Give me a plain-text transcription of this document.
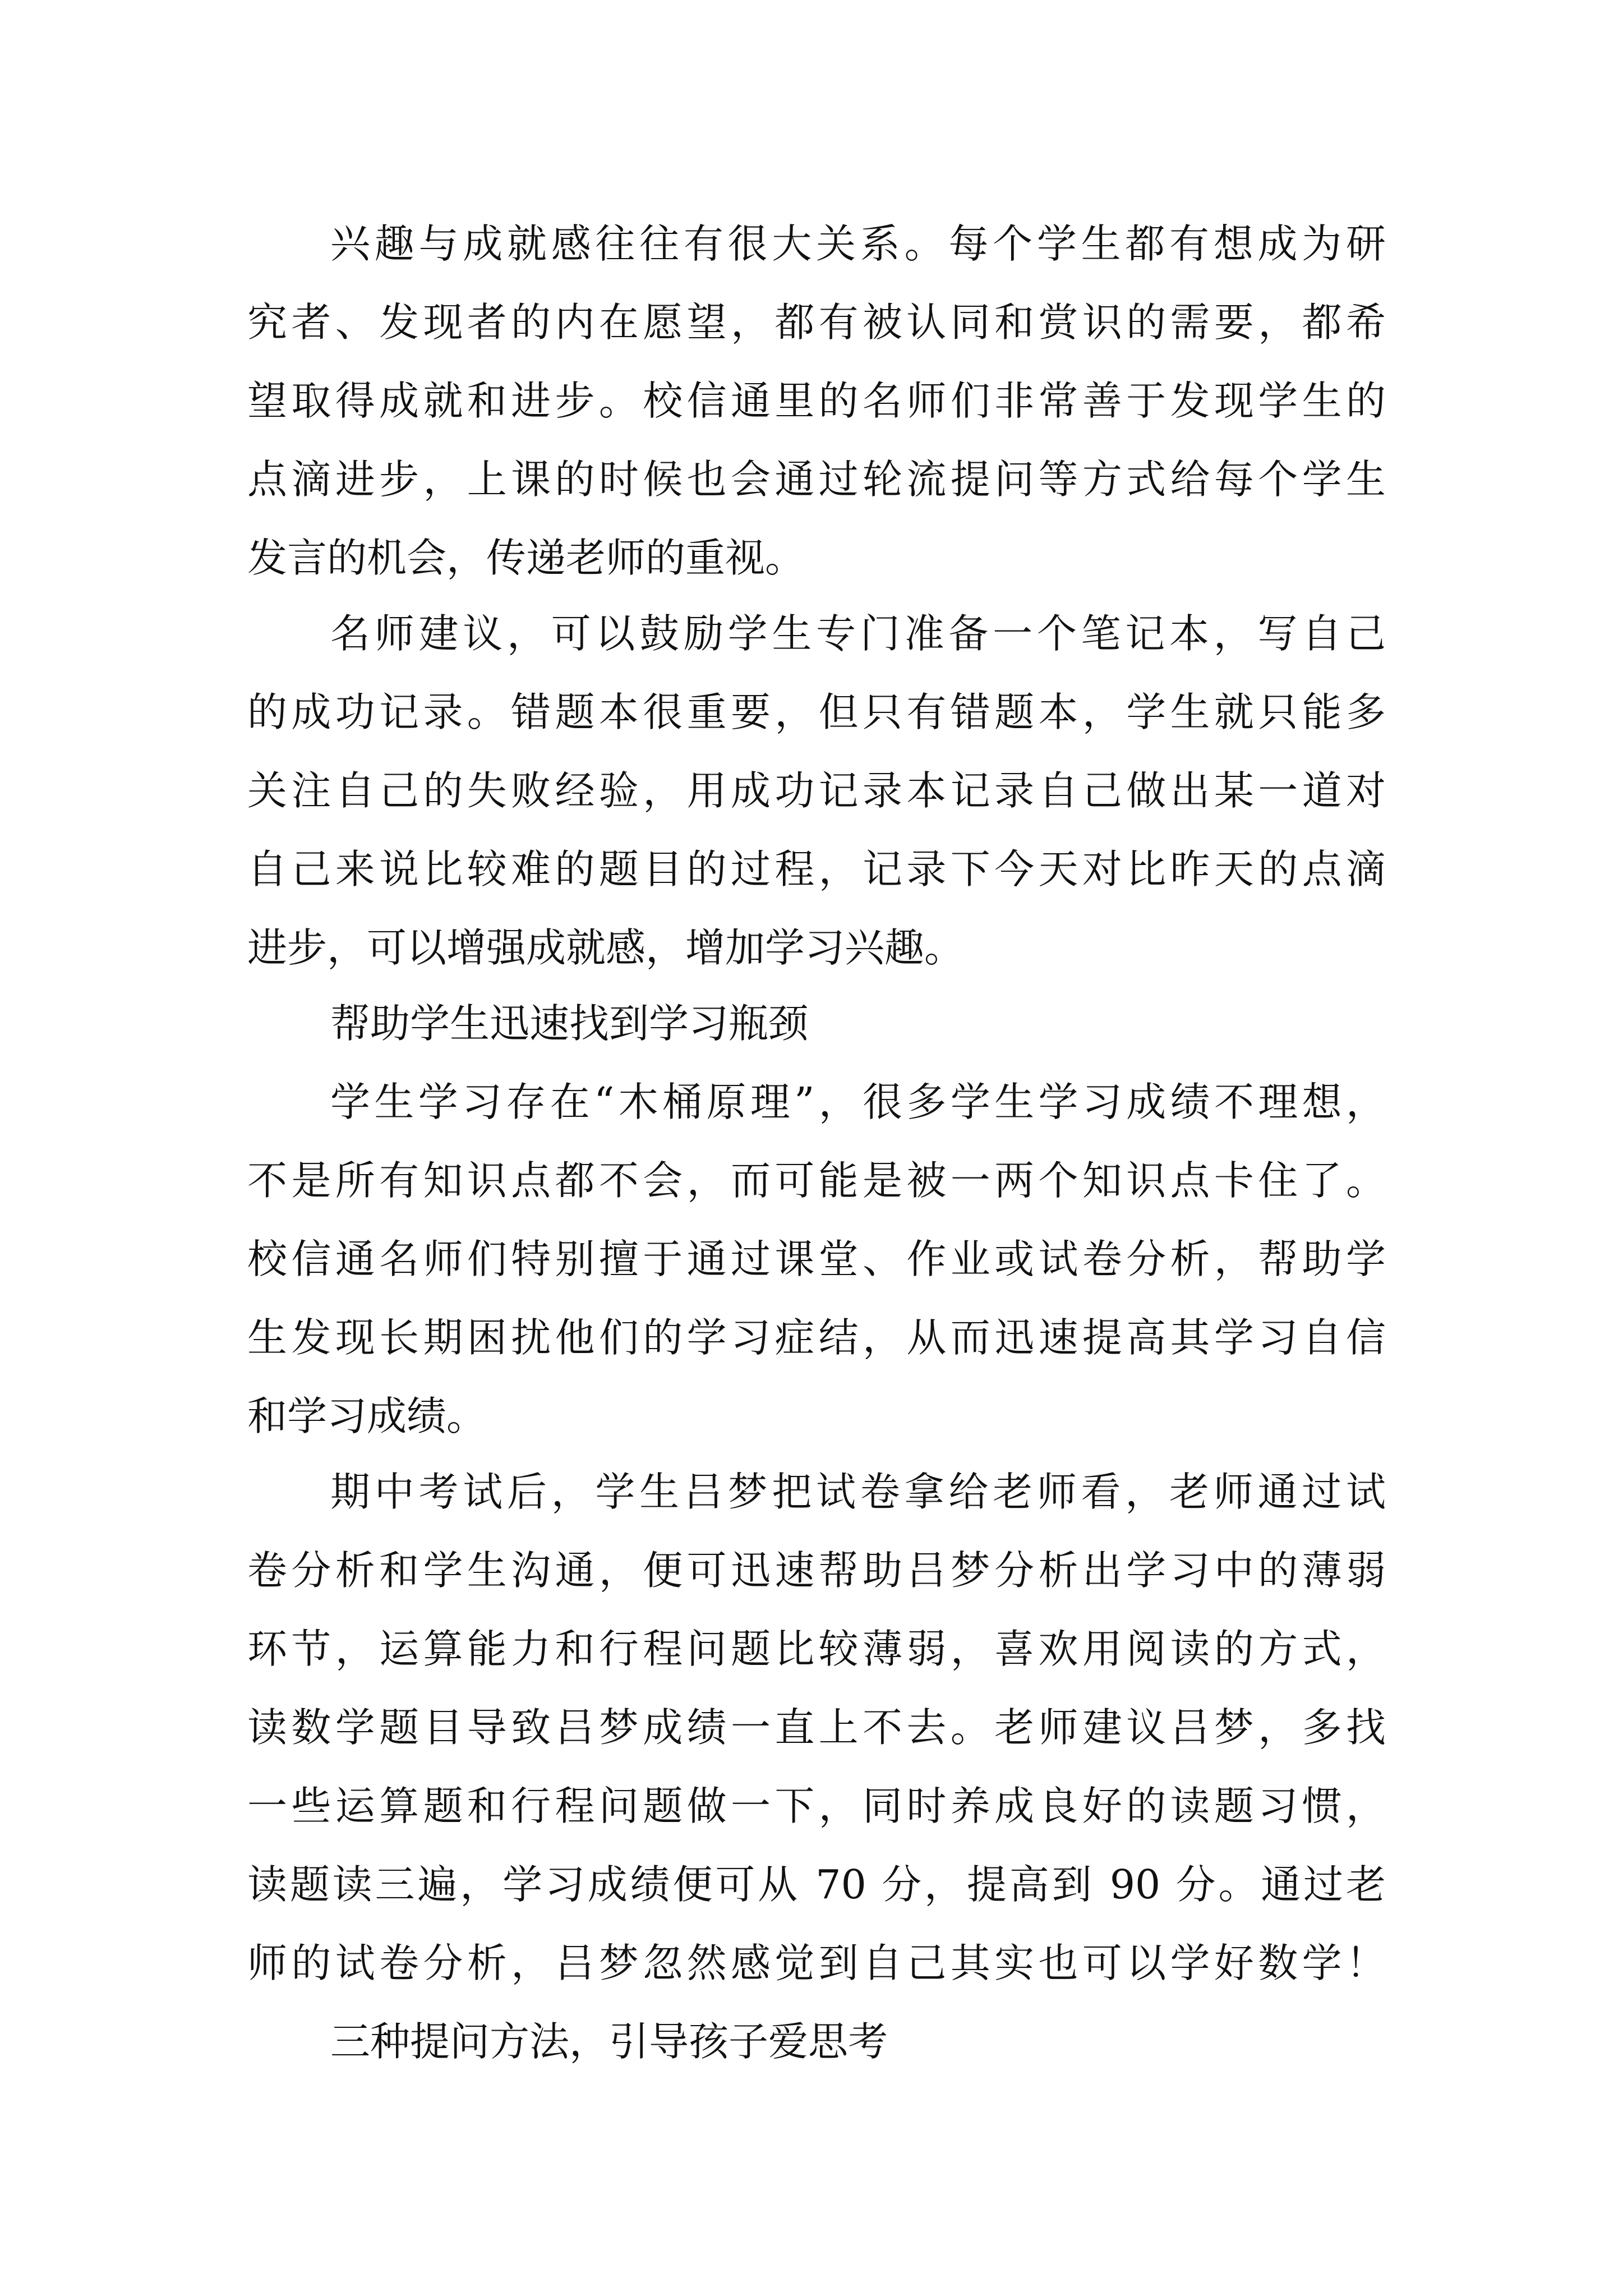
兴趣与成就感往往有很大关系。每个学生都有想成为研
究者、发现者的内在愿望，都有被认同和赏识的需要，都希
望取得成就和进步。校信通里的名师们非常善于发现学生的
点滴进步，上课的时候也会通过轮流提问等方式给每个学生
发言的机会，传递老师的重视。
名师建议，可以鼓励学生专门准备一个笔记本，写自己
的成功记录。错题本很重要，但只有错题本，学生就只能多
关注自己的失败经验，用成功记录本记录自己做出某一道对
自己来说比较难的题目的过程，记录下今天对比昨天的点滴
进步，可以增强成就感，增加学习兴趣。
帮助学生迅速找到学习瓶颈
学生学习存在“木桶原理”，很多学生学习成绩不理想，
不是所有知识点都不会，而可能是被一两个知识点卡住了。
校信通名师们特别擅于通过课堂、作业或试卷分析，帮助学
生发现长期困扰他们的学习症结，从而迅速提高其学习自信
和学习成绩。
期中考试后，学生吕梦把试卷拿给老师看，老师通过试
卷分析和学生沟通，便可迅速帮助吕梦分析出学习中的薄弱
环节，运算能力和行程问题比较薄弱，喜欢用阅读的方式，
读数学题目导致吕梦成绩一直上不去。老师建议吕梦，多找
一些运算题和行程问题做一下，同时养成良好的读题习惯，
读题读三遍，学习成绩便可从 70 分，提高到 90 分。通过老
师的试卷分析，吕梦忽然感觉到自己其实也可以学好数学！
三种提问方法，引导孩子爱思考
